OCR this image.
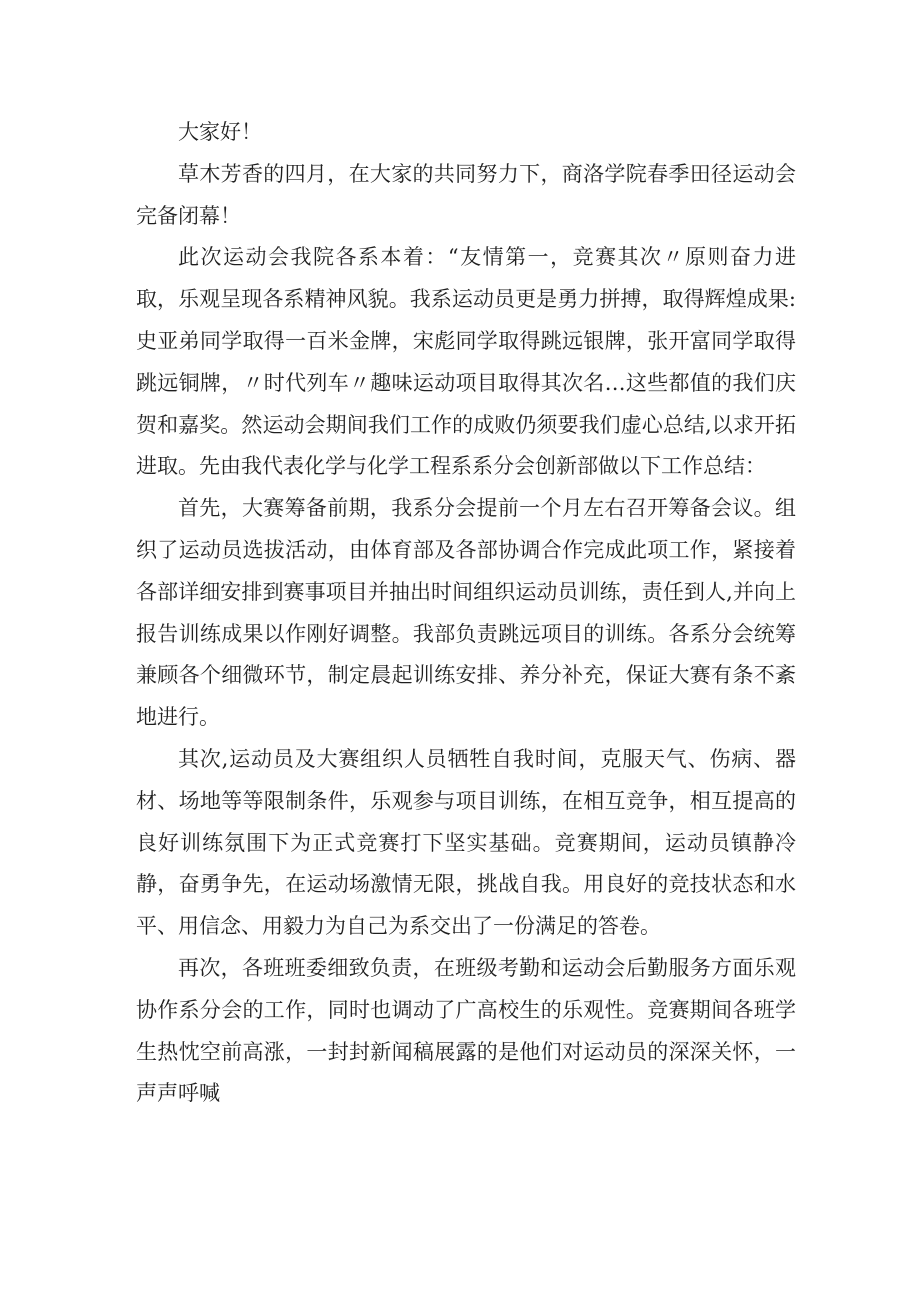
大家好！

草木芳香的四月，在大家的共同努力下，商洛学院春季田径运动会完备闭幕！

此次运动会我院各系本着：“友情第一，竞赛其次〃原则奋力进取，乐观呈现各系精神风貌。我系运动员更是勇力拼搏，取得辉煌成果:史亚弟同学取得一百米金牌，宋彪同学取得跳远银牌，张开富同学取得跳远铜牌，〃时代列车〃趣味运动项目取得其次名…这些都值的我们庆贺和嘉奖。然运动会期间我们工作的成败仍须要我们虚心总结,以求开拓进取。先由我代表化学与化学工程系系分会创新部做以下工作总结：

首先，大赛筹备前期，我系分会提前一个月左右召开筹备会议。组织了运动员选拔活动，由体育部及各部协调合作完成此项工作，紧接着各部详细安排到赛事项目并抽出时间组织运动员训练，责任到人,并向上报告训练成果以作刚好调整。我部负责跳远项目的训练。各系分会统筹兼顾各个细微环节，制定晨起训练安排、养分补充，保证大赛有条不紊地进行。

其次,运动员及大赛组织人员牺牲自我时间，克服天气、伤病、器材、场地等等限制条件，乐观参与项目训练，在相互竞争，相互提高的良好训练氛围下为正式竞赛打下坚实基础。竞赛期间，运动员镇静冷静，奋勇争先，在运动场激情无限，挑战自我。用良好的竞技状态和水平、用信念、用毅力为自己为系交出了一份满足的答卷。

再次，各班班委细致负责，在班级考勤和运动会后勤服务方面乐观协作系分会的工作，同时也调动了广高校生的乐观性。竞赛期间各班学生热忱空前高涨，一封封新闻稿展露的是他们对运动员的深深关怀，一声声呼喊
